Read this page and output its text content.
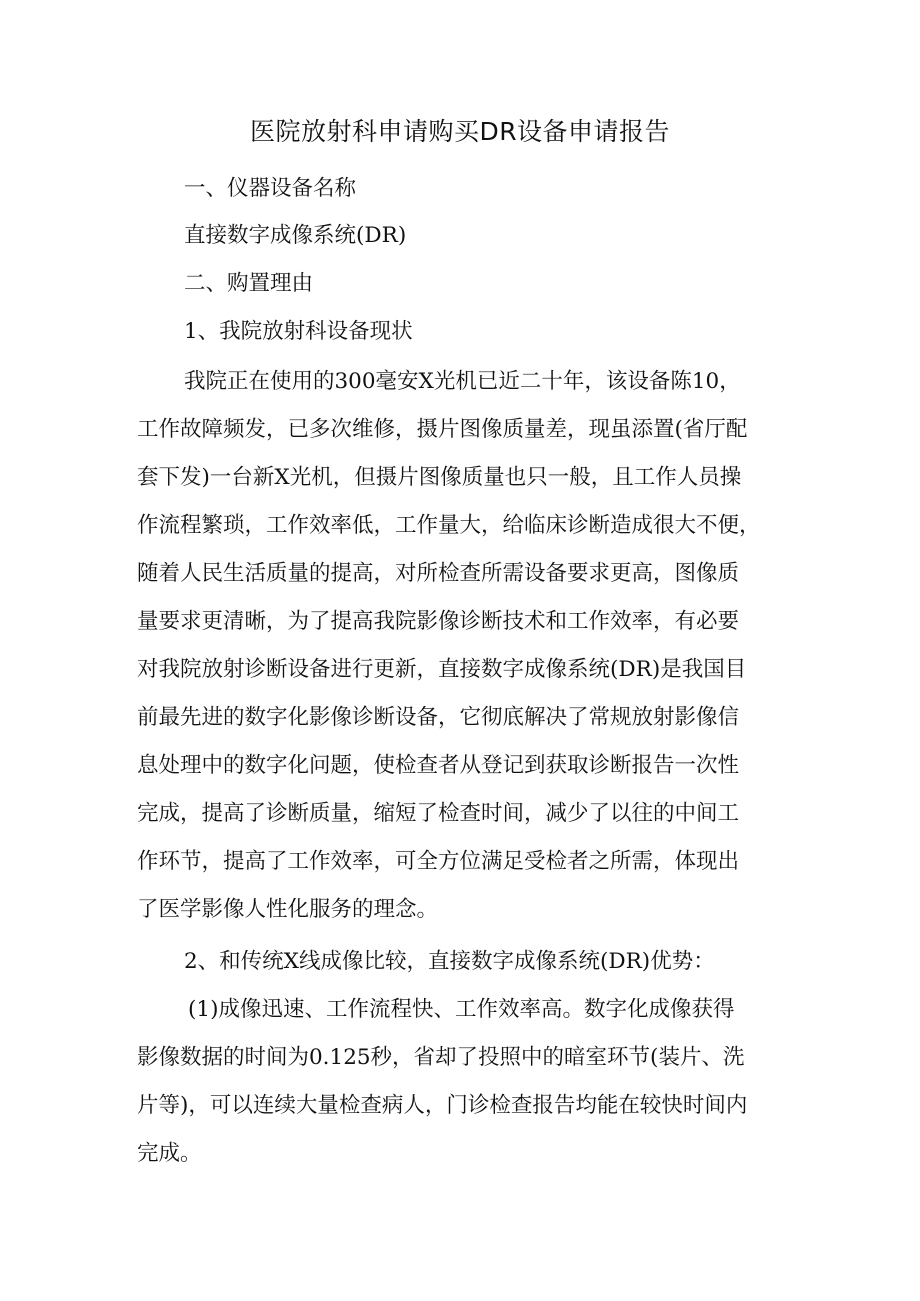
医院放射科申请购买DR设备申请报告
一、仪器设备名称
直接数字成像系统(DR)
二、购置理由
1、我院放射科设备现状
我院正在使用的300毫安X光机已近二十年，该设备陈10，
工作故障频发，已多次维修，摄片图像质量差，现虽添置(省厅配
套下发)一台新X光机，但摄片图像质量也只一般，且工作人员操
作流程繁琐，工作效率低，工作量大，给临床诊断造成很大不便，
随着人民生活质量的提高，对所检查所需设备要求更高，图像质
量要求更清晰，为了提高我院影像诊断技术和工作效率，有必要
对我院放射诊断设备进行更新，直接数字成像系统(DR)是我国目
前最先进的数字化影像诊断设备，它彻底解决了常规放射影像信
息处理中的数字化问题，使检查者从登记到获取诊断报告一次性
完成，提高了诊断质量，缩短了检查时间，减少了以往的中间工
作环节，提高了工作效率，可全方位满足受检者之所需，体现出
了医学影像人性化服务的理念。
2、和传统X线成像比较，直接数字成像系统(DR)优势：
(1)成像迅速、工作流程快、工作效率高。数字化成像获得
影像数据的时间为0.125秒，省却了投照中的暗室环节(装片、洗
片等)，可以连续大量检查病人，门诊检查报告均能在较快时间内
完成。
